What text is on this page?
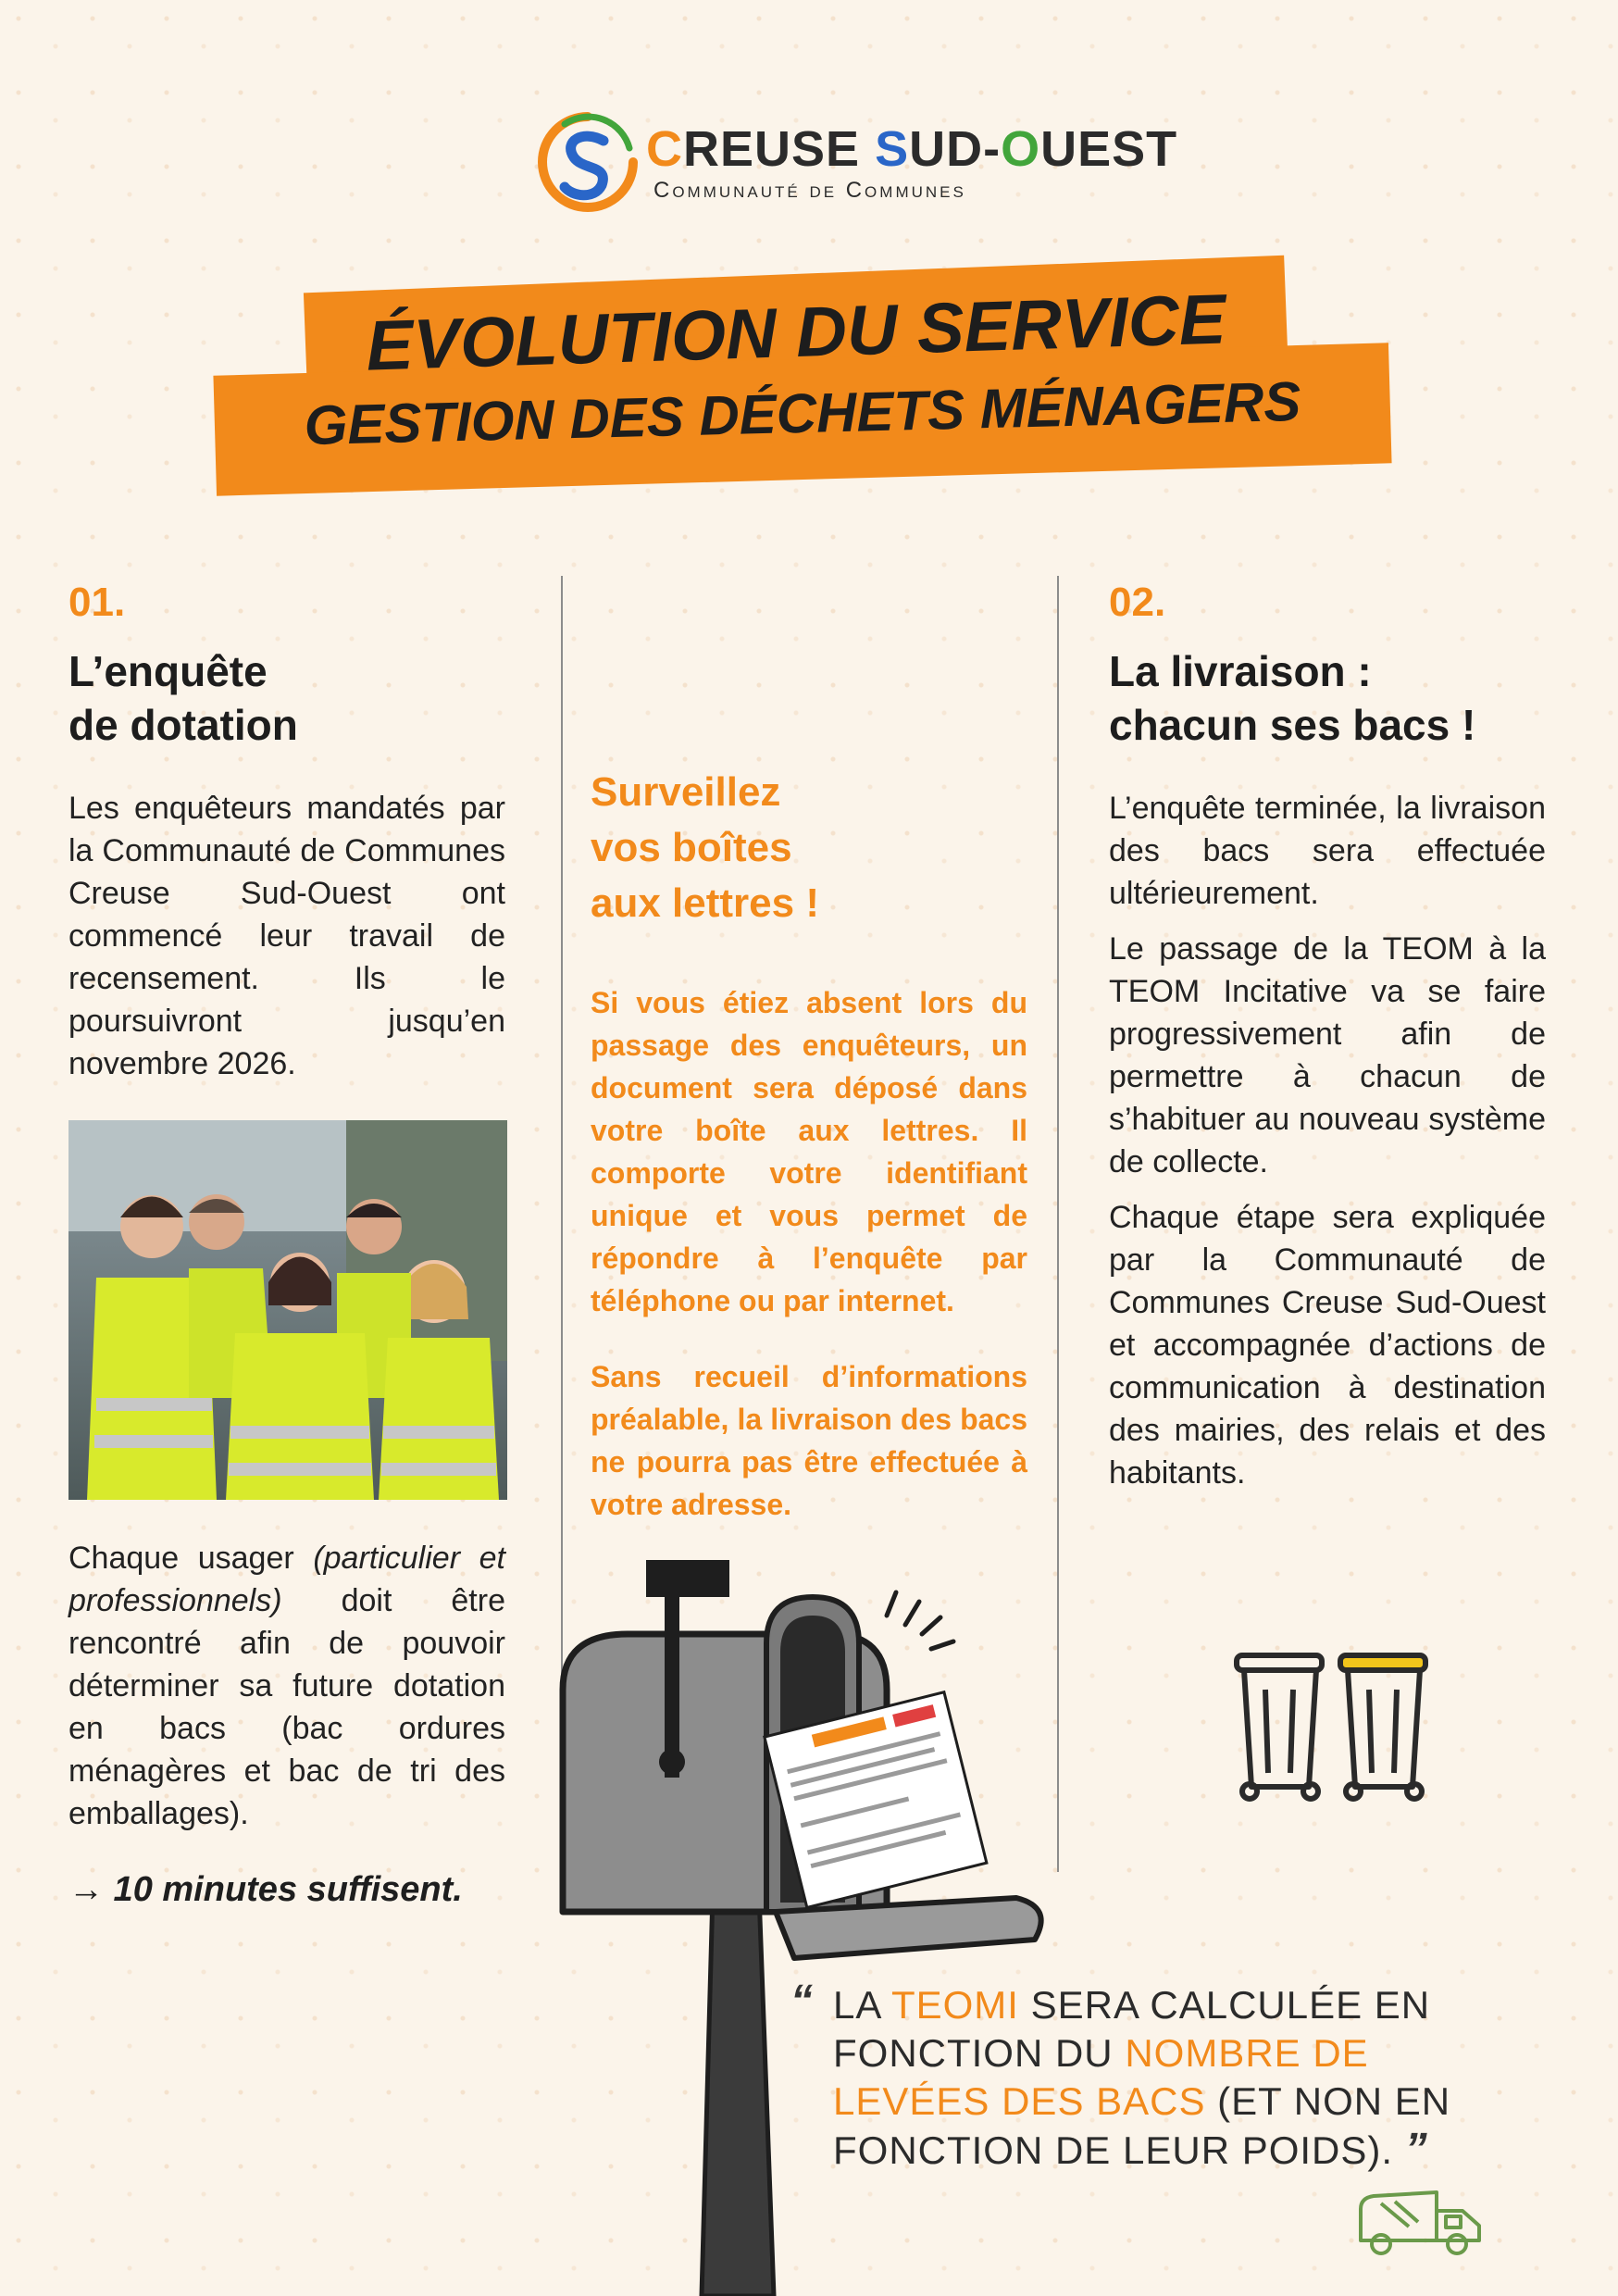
CREUSE SUD-OUEST
Communauté de Communes
ÉVOLUTION DU SERVICE
GESTION DES DÉCHETS MÉNAGERS
01.
L’enquête
de dotation

Les enquêteurs mandatés par la Communauté de Communes Creuse Sud-Ouest ont commencé leur travail de recensement. Ils le poursuivront jusqu’en novembre 2026.

Chaque usager (particulier et professionnels) doit être rencontré afin de pouvoir déterminer sa future dotation en bacs (bac ordures ménagères et bac de tri des emballages).

→ 10 minutes suffisent.
Surveillez
vos boîtes
aux lettres !

Si vous étiez absent lors du passage des enquêteurs, un document sera déposé dans votre boîte aux lettres. Il comporte votre identifiant unique et vous permet de répondre à l’enquête par téléphone ou par internet.

Sans recueil d’informations préalable, la livraison des bacs ne pourra pas être effectuée à votre adresse.

02.
La livraison :
chacun ses bacs !

L’enquête terminée, la livraison des bacs sera effectuée ultérieurement.

Le passage de la TEOM à la TEOM Incitative va se faire progressivement afin de permettre à chacun de s’habituer au nouveau système de collecte.

Chaque étape sera expliquée par la Communauté de Communes Creuse Sud-Ouest et accompagnée d’actions de communication à destination des mairies, des relais et des habitants.

“ LA TEOMI SERA CALCULÉE EN FONCTION DU NOMBRE DE LEVÉES DES BACS (ET NON EN FONCTION DE LEUR POIDS). ”
